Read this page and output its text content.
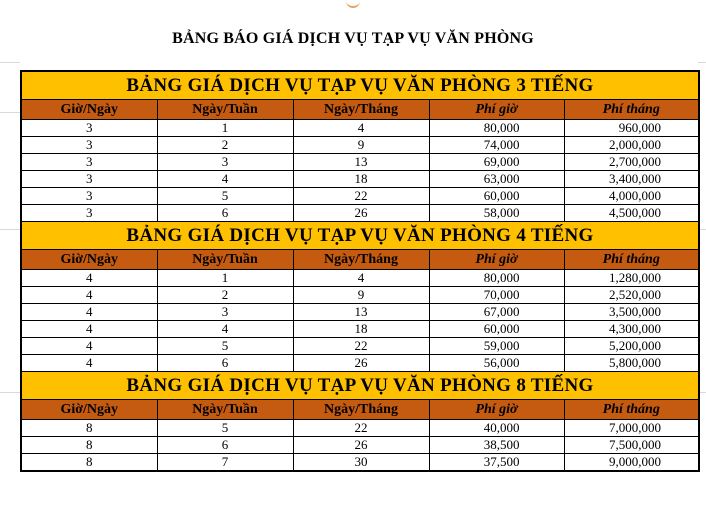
BẢNG BÁO GIÁ DỊCH VỤ TẠP VỤ VĂN PHÒNG
BẢNG GIÁ DỊCH VỤ TẠP VỤ VĂN PHÒNG 3 TIẾNG				
Giờ/Ngày	Ngày/Tuần	Ngày/Tháng	Phí giờ	Phí tháng
3	1	4	80,000	960,000
3	2	9	74,000	2,000,000
3	3	13	69,000	2,700,000
3	4	18	63,000	3,400,000
3	5	22	60,000	4,000,000
3	6	26	58,000	4,500,000
BẢNG GIÁ DỊCH VỤ TẠP VỤ VĂN PHÒNG 4 TIẾNG				
Giờ/Ngày	Ngày/Tuần	Ngày/Tháng	Phí giờ	Phí tháng
4	1	4	80,000	1,280,000
4	2	9	70,000	2,520,000
4	3	13	67,000	3,500,000
4	4	18	60,000	4,300,000
4	5	22	59,000	5,200,000
4	6	26	56,000	5,800,000
BẢNG GIÁ DỊCH VỤ TẠP VỤ VĂN PHÒNG 8 TIẾNG				
Giờ/Ngày	Ngày/Tuần	Ngày/Tháng	Phí giờ	Phí tháng
8	5	22	40,000	7,000,000
8	6	26	38,500	7,500,000
8	7	30	37,500	9,000,000
